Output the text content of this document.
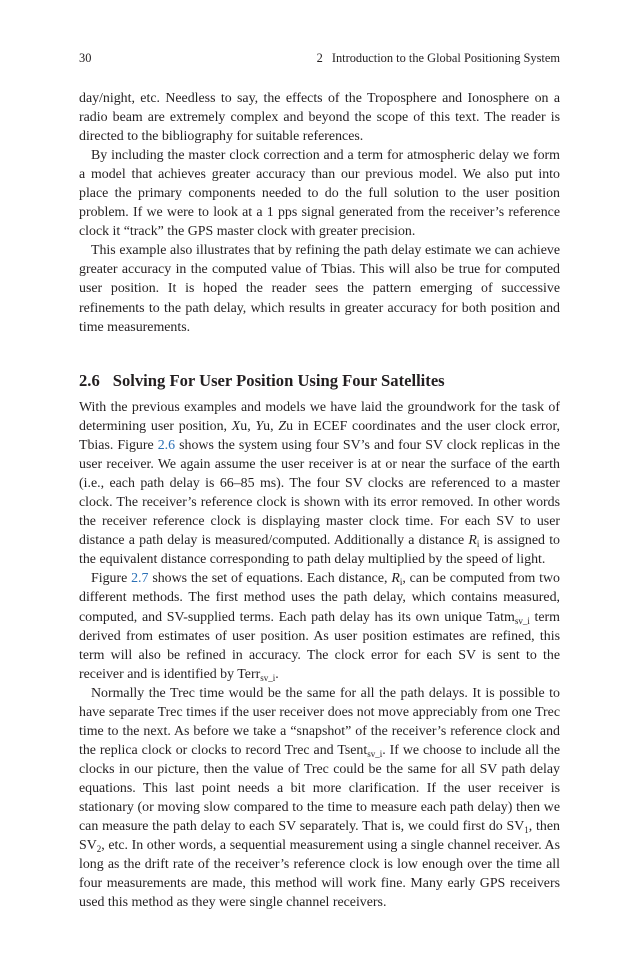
30	2 Introduction to the Global Positioning System

day/night, etc. Needless to say, the effects of the Troposphere and Ionosphere on a radio beam are extremely complex and beyond the scope of this text. The reader is directed to the bibliography for suitable references.

By including the master clock correction and a term for atmospheric delay we form a model that achieves greater accuracy than our previous model. We also put into place the primary components needed to do the full solution to the user position problem. If we were to look at a 1 pps signal generated from the receiver’s reference clock it “track” the GPS master clock with greater precision.

This example also illustrates that by refining the path delay estimate we can achieve greater accuracy in the computed value of Tbias. This will also be true for computed user position. It is hoped the reader sees the pattern emerging of successive refinements to the path delay, which results in greater accuracy for both position and time measurements.

2.6 Solving For User Position Using Four Satellites

With the previous examples and models we have laid the groundwork for the task of determining user position, Xu, Yu, Zu in ECEF coordinates and the user clock error, Tbias. Figure 2.6 shows the system using four SV’s and four SV clock replicas in the user receiver. We again assume the user receiver is at or near the surface of the earth (i.e., each path delay is 66–85 ms). The four SV clocks are referenced to a master clock. The receiver’s reference clock is shown with its error removed. In other words the receiver reference clock is displaying master clock time. For each SV to user distance a path delay is measured/computed. Additionally a distance $R_i$ is assigned to the equivalent distance corresponding to path delay multiplied by the speed of light.

Figure 2.7 shows the set of equations. Each distance, $R_i$, can be computed from two different methods. The first method uses the path delay, which contains measured, computed, and SV-supplied terms. Each path delay has its own unique Tatm$_{sv\_i}$ term derived from estimates of user position. As user position estimates are refined, this term will also be refined in accuracy. The clock error for each SV is sent to the receiver and is identified by Terr$_{sv\_i}$.

Normally the Trec time would be the same for all the path delays. It is possible to have separate Trec times if the user receiver does not move appreciably from one Trec time to the next. As before we take a “snapshot” of the receiver’s reference clock and the replica clock or clocks to record Trec and Tsent$_{sv\_i}$. If we choose to include all the clocks in our picture, then the value of Trec could be the same for all SV path delay equations. This last point needs a bit more clarification. If the user receiver is stationary (or moving slow compared to the time to measure each path delay) then we can measure the path delay to each SV separately. That is, we could first do $SV_1$, then $SV_2$, etc. In other words, a sequential measurement using a single channel receiver. As long as the drift rate of the receiver’s reference clock is low enough over the time all four measurements are made, this method will work fine. Many early GPS receivers used this method as they were single channel receivers.
